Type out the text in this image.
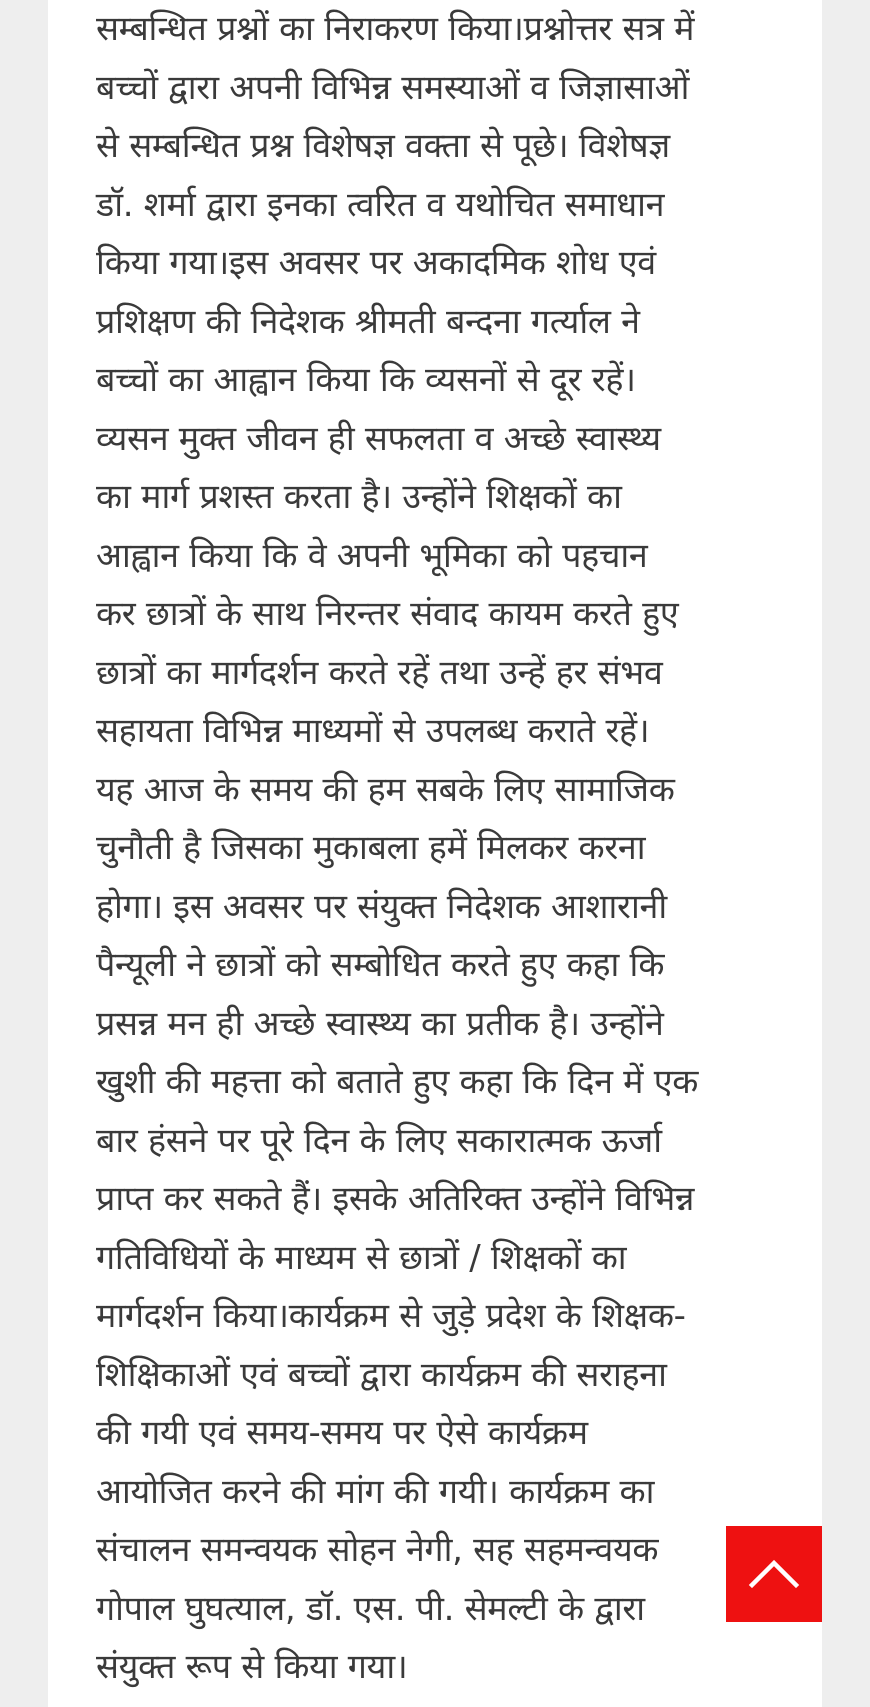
सम्बन्धित प्रश्नों का निराकरण किया।प्रश्नोत्तर सत्र में
बच्चों द्वारा अपनी विभिन्न समस्याओं व जिज्ञासाओं
से सम्बन्धित प्रश्न विशेषज्ञ वक्ता से पूछे। विशेषज्ञ
डॉ. शर्मा द्वारा इनका त्वरित व यथोचित समाधान
किया गया।इस अवसर पर अकादमिक शोध एवं
प्रशिक्षण की निदेशक श्रीमती बन्दना गर्त्याल ने
बच्चों का आह्वान किया कि व्यसनों से दूर रहें।
व्यसन मुक्त जीवन ही सफलता व अच्छे स्वास्थ्य
का मार्ग प्रशस्त करता है। उन्होंने शिक्षकों का
आह्वान किया कि वे अपनी भूमिका को पहचान
कर छात्रों के साथ निरन्तर संवाद कायम करते हुए
छात्रों का मार्गदर्शन करते रहें तथा उन्हें हर संभव
सहायता विभिन्न माध्यमों से उपलब्ध कराते रहें।
यह आज के समय की हम सबके लिए सामाजिक
चुनौती है जिसका मुकाबला हमें मिलकर करना
होगा। इस अवसर पर संयुक्त निदेशक आशारानी
पैन्यूली ने छात्रों को सम्बोधित करते हुए कहा कि
प्रसन्न मन ही अच्छे स्वास्थ्य का प्रतीक है। उन्होंने
खुशी की महत्ता को बताते हुए कहा कि दिन में एक
बार हंसने पर पूरे दिन के लिए सकारात्मक ऊर्जा
प्राप्त कर सकते हैं। इसके अतिरिक्त उन्होंने विभिन्न
गतिविधियों के माध्यम से छात्रों / शिक्षकों का
मार्गदर्शन किया।कार्यक्रम से जुड़े प्रदेश के शिक्षक-
शिक्षिकाओं एवं बच्चों द्वारा कार्यक्रम की सराहना
की गयी एवं समय-समय पर ऐसे कार्यक्रम
आयोजित करने की मांग की गयी। कार्यक्रम का
संचालन समन्वयक सोहन नेगी, सह सहमन्वयक
गोपाल घुघत्याल, डॉ. एस. पी. सेमल्टी के द्वारा
संयुक्त रूप से किया गया।
